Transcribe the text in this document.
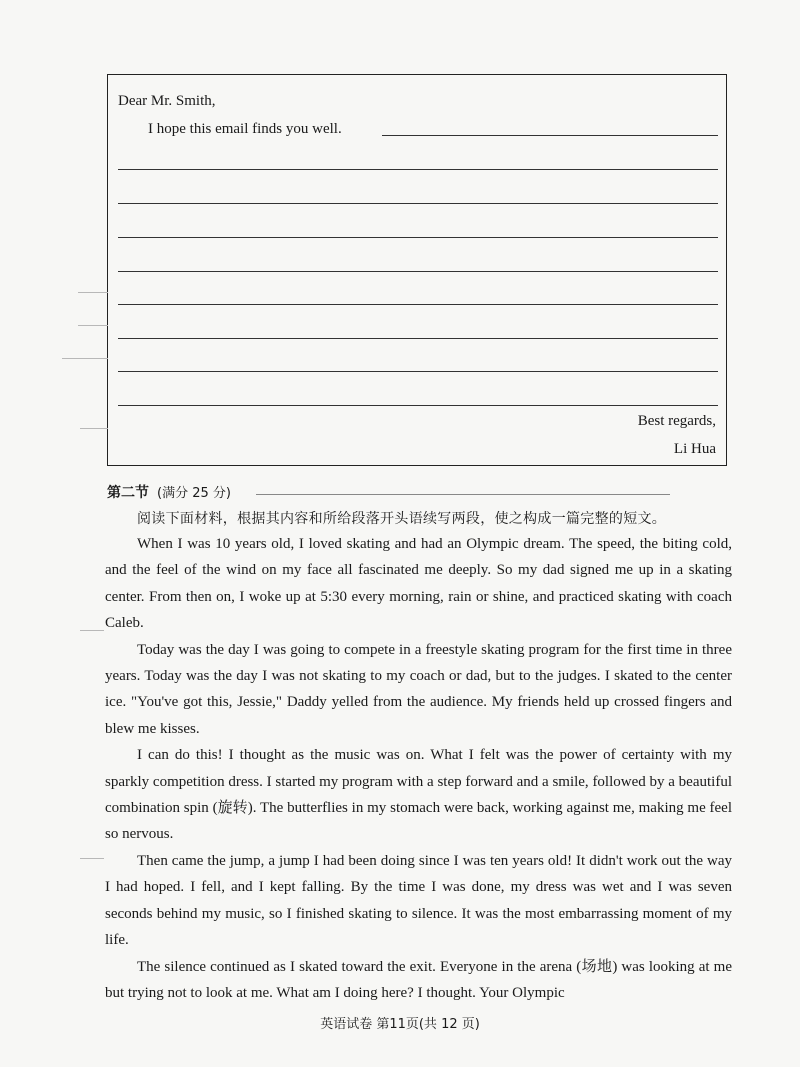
Dear Mr. Smith,
I hope this email finds you well.
Best regards,
Li Hua
第二节 (满分 25 分)
阅读下面材料，根据其内容和所给段落开头语续写两段，使之构成一篇完整的短文。

When I was 10 years old, I loved skating and had an Olympic dream. The speed, the biting cold, and the feel of the wind on my face all fascinated me deeply. So my dad signed me up in a skating center. From then on, I woke up at 5:30 every morning, rain or shine, and practiced skating with coach Caleb.

Today was the day I was going to compete in a freestyle skating program for the first time in three years. Today was the day I was not skating to my coach or dad, but to the judges. I skated to the center ice. "You've got this, Jessie," Daddy yelled from the audience. My friends held up crossed fingers and blew me kisses.

I can do this! I thought as the music was on. What I felt was the power of certainty with my sparkly competition dress. I started my program with a step forward and a smile, followed by a beautiful combination spin (旋转). The butterflies in my stomach were back, working against me, making me feel so nervous.

Then came the jump, a jump I had been doing since I was ten years old! It didn't work out the way I had hoped. I fell, and I kept falling. By the time I was done, my dress was wet and I was seven seconds behind my music, so I finished skating to silence. It was the most embarrassing moment of my life.

The silence continued as I skated toward the exit. Everyone in the arena (场地) was looking at me but trying not to look at me. What am I doing here? I thought. Your Olympic

英语试卷 第11页(共 12 页)
